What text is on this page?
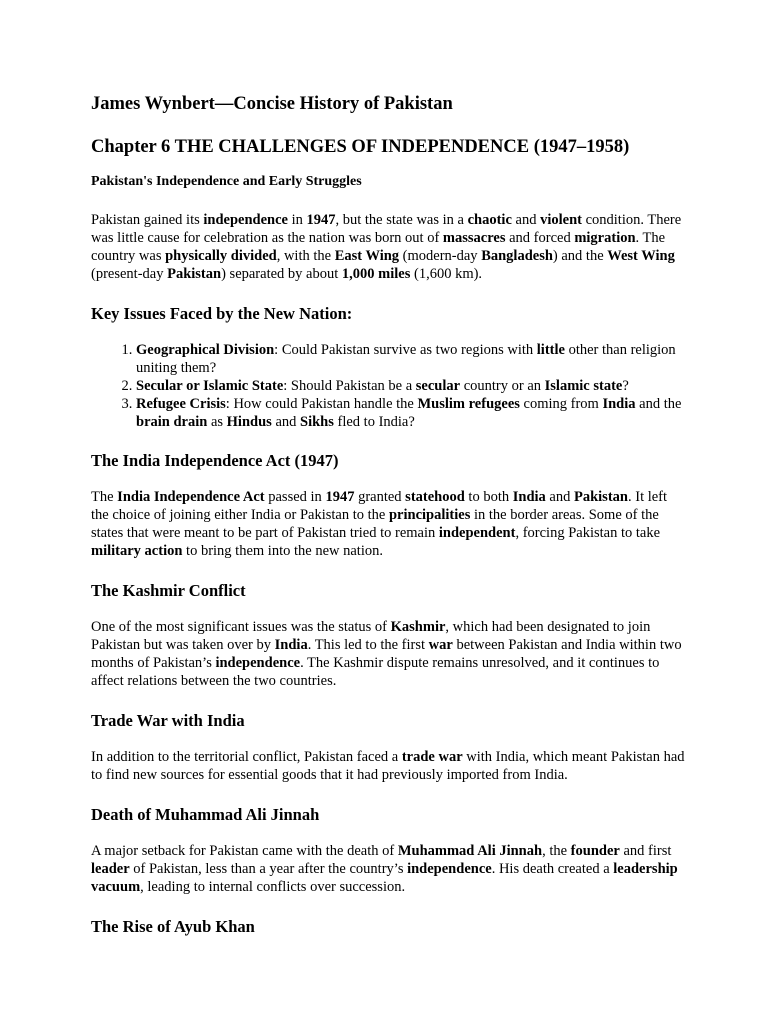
James Wynbert—Concise History of Pakistan
Chapter 6 THE CHALLENGES OF INDEPENDENCE (1947–1958)
Pakistan's Independence and Early Struggles

Pakistan gained its independence in 1947, but the state was in a chaotic and violent condition. There was little cause for celebration as the nation was born out of massacres and forced migration. The country was physically divided, with the East Wing (modern-day Bangladesh) and the West Wing (present-day Pakistan) separated by about 1,000 miles (1,600 km).

Key Issues Faced by the New Nation:
1. Geographical Division: Could Pakistan survive as two regions with little other than religion uniting them?
2. Secular or Islamic State: Should Pakistan be a secular country or an Islamic state?
3. Refugee Crisis: How could Pakistan handle the Muslim refugees coming from India and the brain drain as Hindus and Sikhs fled to India?
The India Independence Act (1947)

The India Independence Act passed in 1947 granted statehood to both India and Pakistan. It left the choice of joining either India or Pakistan to the principalities in the border areas. Some of the states that were meant to be part of Pakistan tried to remain independent, forcing Pakistan to take military action to bring them into the new nation.

The Kashmir Conflict

One of the most significant issues was the status of Kashmir, which had been designated to join Pakistan but was taken over by India. This led to the first war between Pakistan and India within two months of Pakistan’s independence. The Kashmir dispute remains unresolved, and it continues to affect relations between the two countries.

Trade War with India

In addition to the territorial conflict, Pakistan faced a trade war with India, which meant Pakistan had to find new sources for essential goods that it had previously imported from India.

Death of Muhammad Ali Jinnah

A major setback for Pakistan came with the death of Muhammad Ali Jinnah, the founder and first leader of Pakistan, less than a year after the country’s independence. His death created a leadership vacuum, leading to internal conflicts over succession.

The Rise of Ayub Khan
